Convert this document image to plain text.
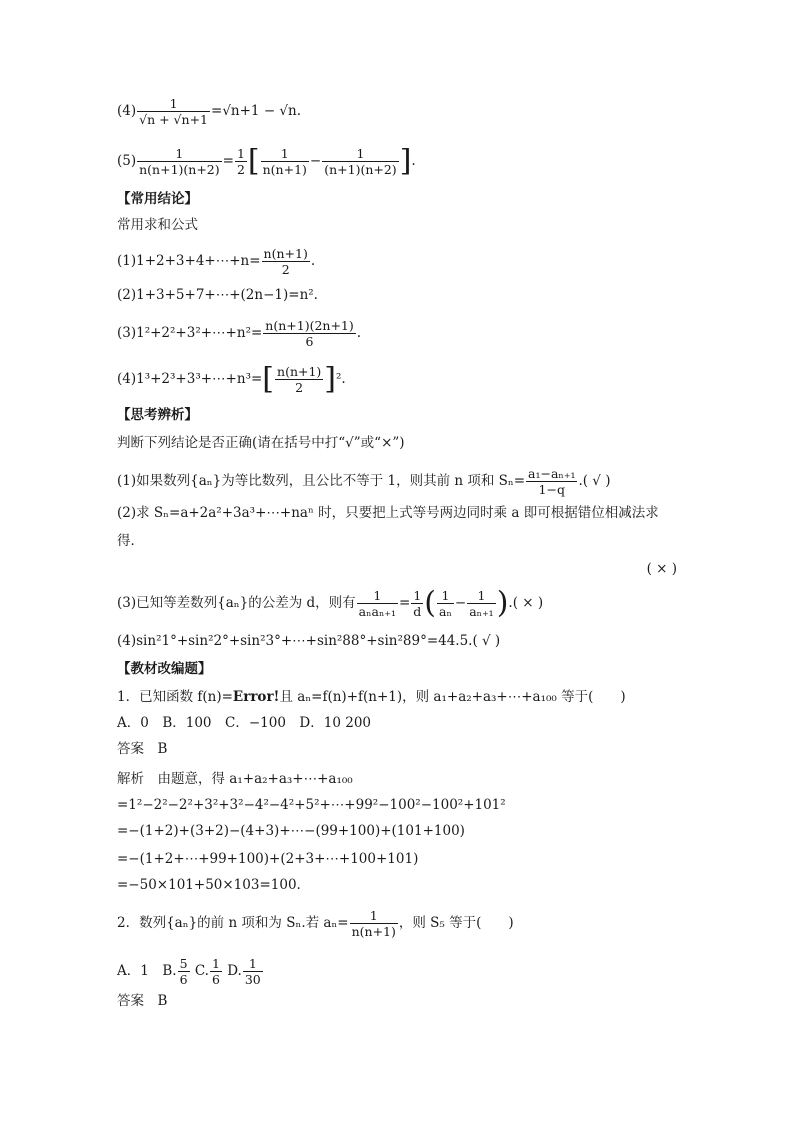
$(4) \frac{1}{√n + √n+1} =√n+1 - √n$.
$(5) \frac{1}{n(n+1)(n+2)} = \frac{1}{2}$ [ $\frac{1}{n(n+1)} - \frac{1}{(n+1)(n+2)}$ ].
【常用结论】
常用求和公式
(1)1+2+3+4+⋯+n= $\frac{n(n+1)}{2}$ .
(2)1+3+5+7+⋯+(2n−1)=n².
(3)1²+2²+3²+⋯+n²= $\frac{n(n+1)(2n+1)}{6}$ .
(4)1³+2³+3³+⋯+n³=[ $\frac{n(n+1)}{2} ]^2$.
【思考辨析】
判断下列结论是否正确(请在括号中打“√”或“×”)
(1)如果数列{aₙ}为等比数列，且公比不等于 1，则其前 n 项和 $S_n= \frac{\text{a₁−aₙ₊₁}}{1-q}$ .( √ )
(2)求 Sₙ=a+2a²+3a³+⋯+naⁿ 时，只要把上式等号两边同时乘 a 即可根据错位相减法求
得．
( × )
(3)已知等差数列{aₙ}的公差为 d，则有 $\frac{1}{\text{aₙaₙ₊₁}} = \frac{1}{d}$ ( $\frac{1}{\text{aₙ}} - \frac{1}{\text{aₙ₊₁}}$ ).( × )
(4)sin²1°+sin²2°+sin²3°+⋯+sin²88°+sin²89°=44.5.( √ )
【教材改编题】
1．已知函数 f(n)=Error!且 aₙ=f(n)+f(n+1)，则 a₁+a₂+a₃+⋯+a₁₀₀ 等于(　　)
A．0　B．100　C．−100　D．10 200
答案　B
解析　由题意，得 a₁+a₂+a₃+⋯+a₁₀₀
=1²−2²−2²+3²+3²−4²−4²+5²+⋯+99²−100²−100²+101²
=−(1+2)+(3+2)−(4+3)+⋯−(99+100)+(101+100)
=−(1+2+⋯+99+100)+(2+3+⋯+100+101)
=−50×101+50×103=100.
2．数列{aₙ}的前 n 项和为 Sₙ.若 $a_n= \frac{1}{n(n+1)}$ ，则 S₅ 等于(　　)
A．1　B. $\frac{5}{6} C$. $\frac{1}{6} D$. $\frac{1}{30}$
答案　B
